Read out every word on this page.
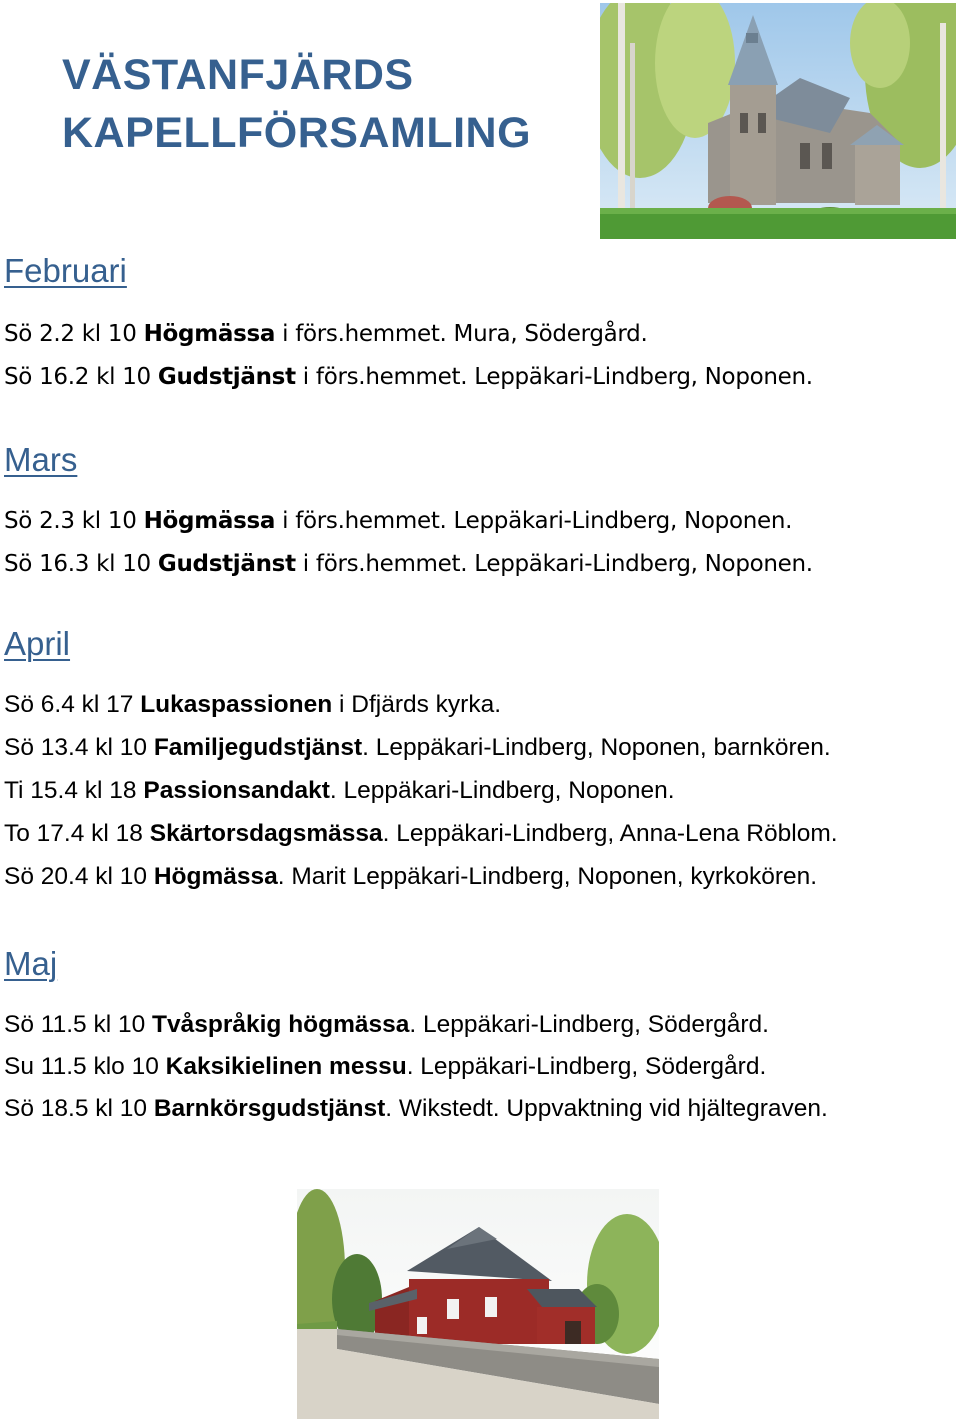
VÄSTANFJÄRDS
KAPELLFÖRSAMLING
Februari
Sö 2.2 kl 10 Högmässa i förs.hemmet. Mura, Södergård.
Sö 16.2 kl 10 Gudstjänst i förs.hemmet. Leppäkari-Lindberg, Noponen.
Mars
Sö 2.3 kl 10 Högmässa i förs.hemmet. Leppäkari-Lindberg, Noponen.
Sö 16.3 kl 10 Gudstjänst i förs.hemmet. Leppäkari-Lindberg, Noponen.
April
Sö 6.4 kl 17 Lukaspassionen i Dfjärds kyrka.
Sö 13.4 kl 10 Familjegudstjänst. Leppäkari-Lindberg, Noponen, barnkören.
Ti 15.4 kl 18 Passionsandakt. Leppäkari-Lindberg, Noponen.
To 17.4 kl 18 Skärtorsdagsmässa. Leppäkari-Lindberg, Anna-Lena Röblom.
Sö 20.4 kl 10 Högmässa. Marit Leppäkari-Lindberg, Noponen, kyrkokören.
Maj
Sö 11.5 kl 10 Tvåspråkig högmässa. Leppäkari-Lindberg, Södergård.
Su 11.5 klo 10 Kaksikielinen messu. Leppäkari-Lindberg, Södergård.
Sö 18.5 kl 10 Barnkörsgudstjänst. Wikstedt. Uppvaktning vid hjältegraven.
